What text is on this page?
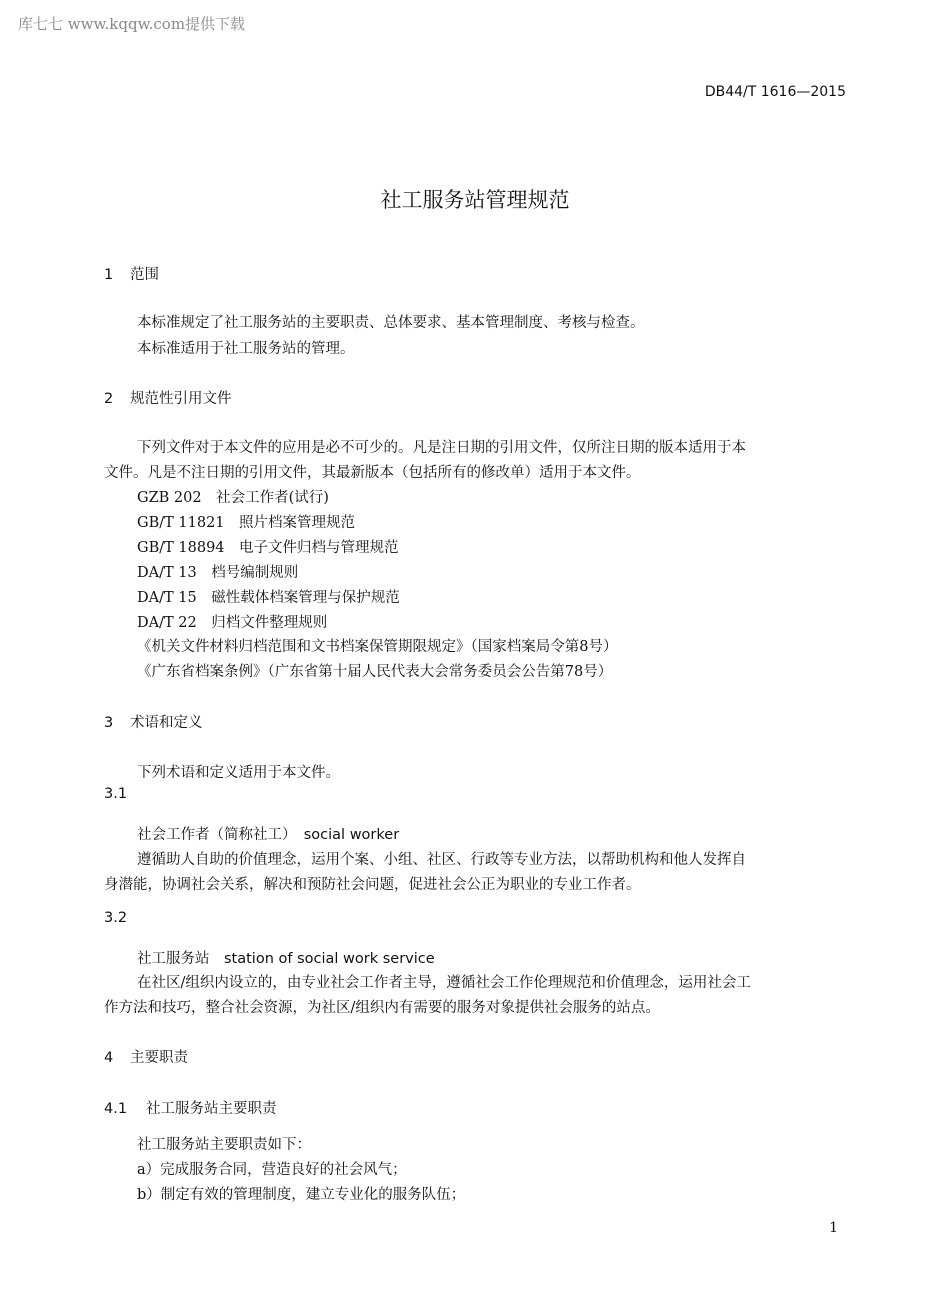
库七七 www.kqqw.com提供下载
DB44/T 1616—2015
社工服务站管理规范
1 范围
本标准规定了社工服务站的主要职责、总体要求、基本管理制度、考核与检查。
本标准适用于社工服务站的管理。
2 规范性引用文件
下列文件对于本文件的应用是必不可少的。凡是注日期的引用文件，仅所注日期的版本适用于本
文件。凡是不注日期的引用文件，其最新版本（包括所有的修改单）适用于本文件。
GZB 202　社会工作者(试行)
GB/T 11821　照片档案管理规范
GB/T 18894　电子文件归档与管理规范
DA/T 13　档号编制规则
DA/T 15　磁性载体档案管理与保护规范
DA/T 22　归档文件整理规则
《机关文件材料归档范围和文书档案保管期限规定》（国家档案局令第8号）
《广东省档案条例》（广东省第十届人民代表大会常务委员会公告第78号）
3 术语和定义
下列术语和定义适用于本文件。
3.1
社会工作者（简称社工）　social worker
遵循助人自助的价值理念，运用个案、小组、社区、行政等专业方法，以帮助机构和他人发挥自
身潜能，协调社会关系，解决和预防社会问题，促进社会公正为职业的专业工作者。
3.2
社工服务站　station of social work service
在社区/组织内设立的，由专业社会工作者主导，遵循社会工作伦理规范和价值理念，运用社会工
作方法和技巧，整合社会资源，为社区/组织内有需要的服务对象提供社会服务的站点。
4 主要职责
4.1 社工服务站主要职责
社工服务站主要职责如下：
a）完成服务合同，营造良好的社会风气；
b）制定有效的管理制度，建立专业化的服务队伍；
1
